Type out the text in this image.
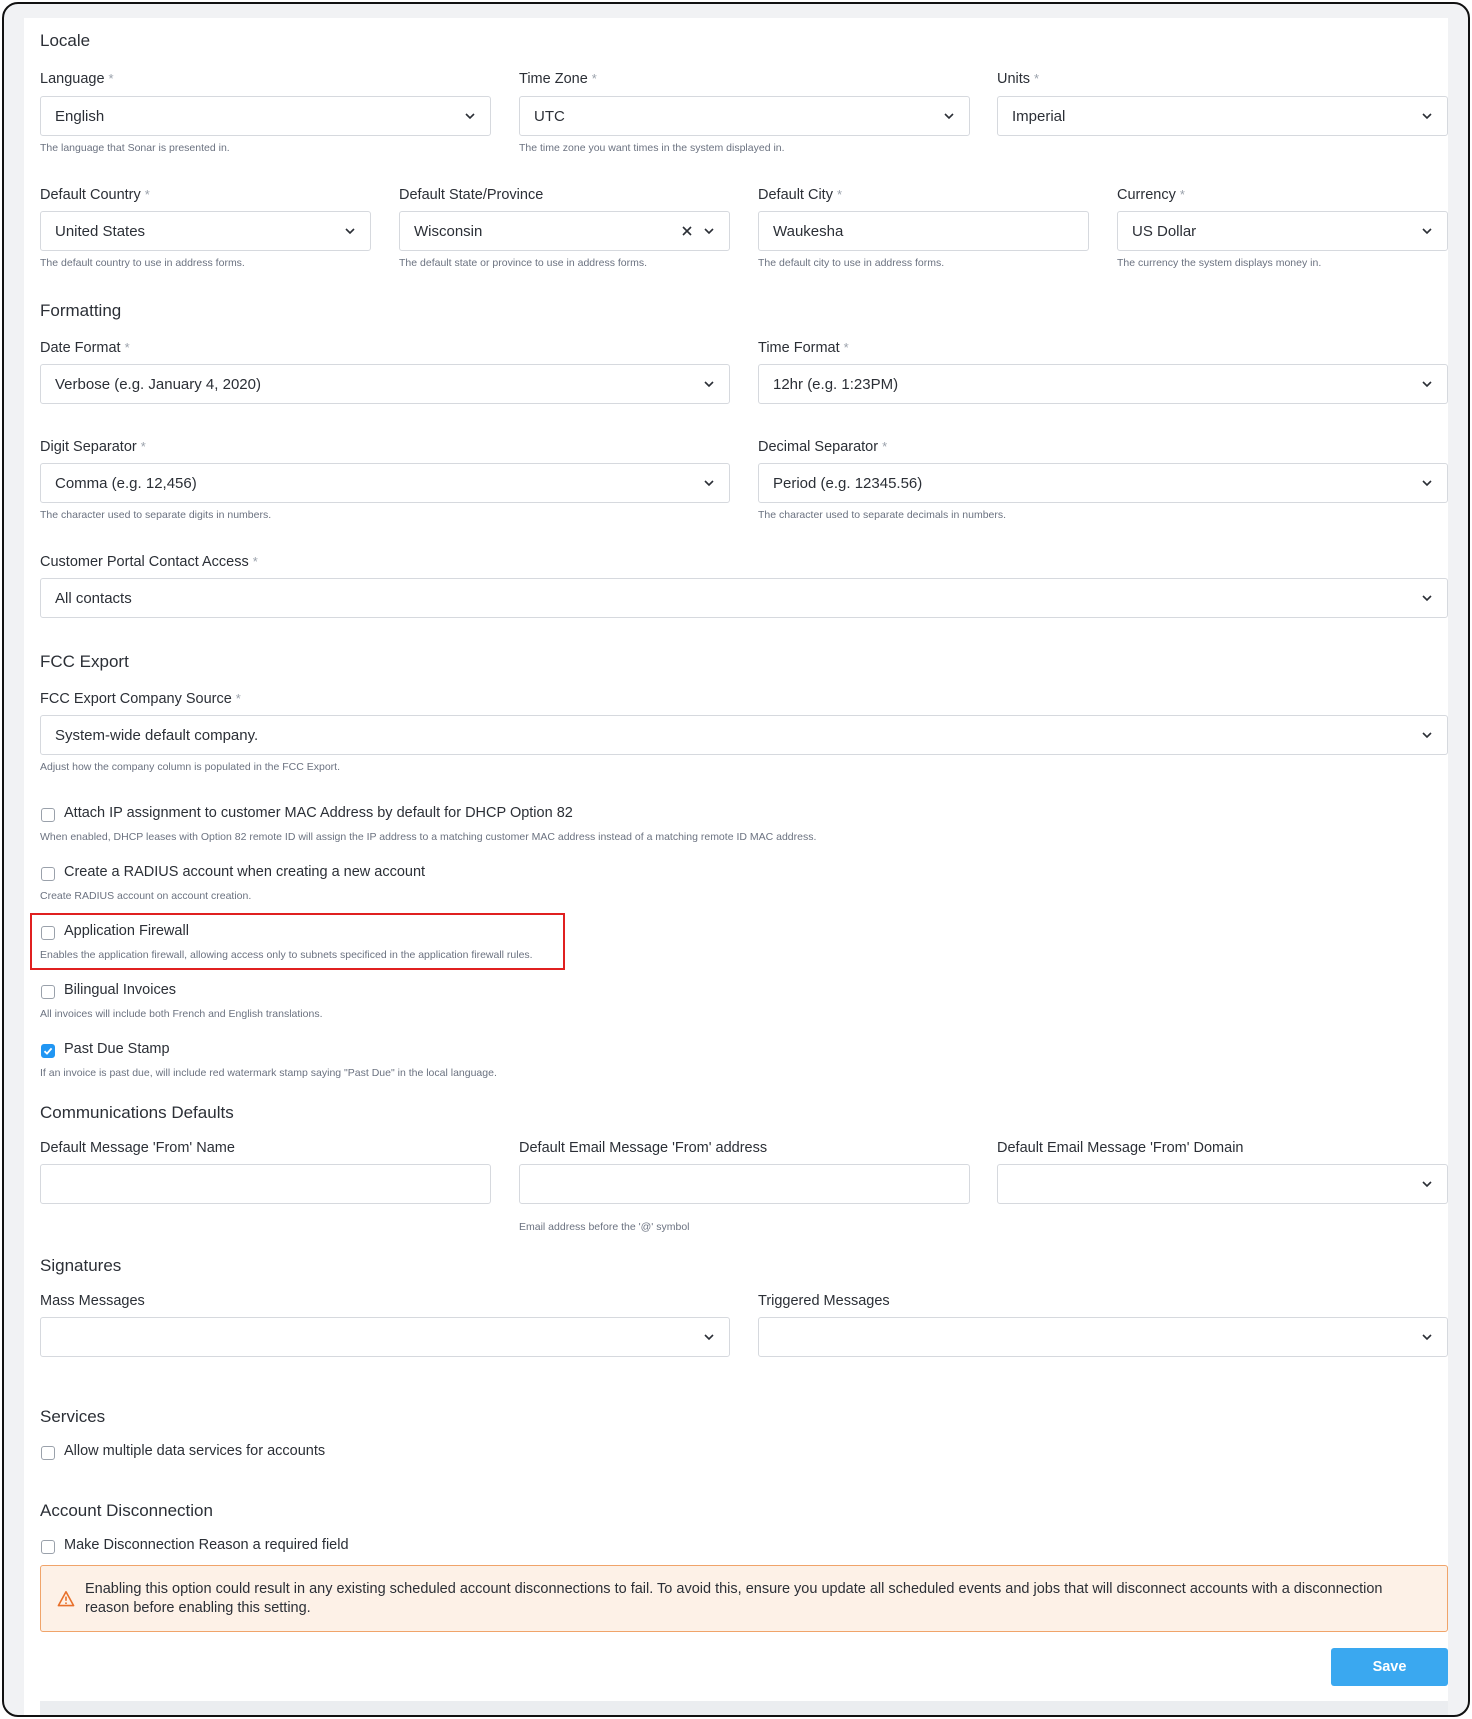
Locale
Language *
English
The language that Sonar is presented in.
Time Zone *
UTC
The time zone you want times in the system displayed in.
Units *
Imperial
Default Country *
United States
The default country to use in address forms.
Default State/Province
Wisconsin
The default state or province to use in address forms.
Default City *
Waukesha
The default city to use in address forms.
Currency *
US Dollar
The currency the system displays money in.
Formatting
Date Format *
Verbose (e.g. January 4, 2020)
Time Format *
12hr (e.g. 1:23PM)
Digit Separator *
Comma (e.g. 12,456)
The character used to separate digits in numbers.
Decimal Separator *
Period (e.g. 12345.56)
The character used to separate decimals in numbers.
Customer Portal Contact Access *
All contacts
FCC Export
FCC Export Company Source *
System-wide default company.
Adjust how the company column is populated in the FCC Export.
Attach IP assignment to customer MAC Address by default for DHCP Option 82
When enabled, DHCP leases with Option 82 remote ID will assign the IP address to a matching customer MAC address instead of a matching remote ID MAC address.
Create a RADIUS account when creating a new account
Create RADIUS account on account creation.
Application Firewall
Enables the application firewall, allowing access only to subnets specificed in the application firewall rules.
Bilingual Invoices
All invoices will include both French and English translations.
Past Due Stamp
If an invoice is past due, will include red watermark stamp saying "Past Due" in the local language.
Communications Defaults
Default Message 'From' Name	Default Email Message 'From' address
Email address before the '@' symbol
Default Email Message 'From' Domain
Signatures
Mass Messages	Triggered Messages
Services
Allow multiple data services for accounts
Account Disconnection
Make Disconnection Reason a required field
Enabling this option could result in any existing scheduled account disconnections to fail. To avoid this, ensure you update all scheduled events and jobs that will disconnect accounts with a disconnection reason before enabling this setting.
Save
